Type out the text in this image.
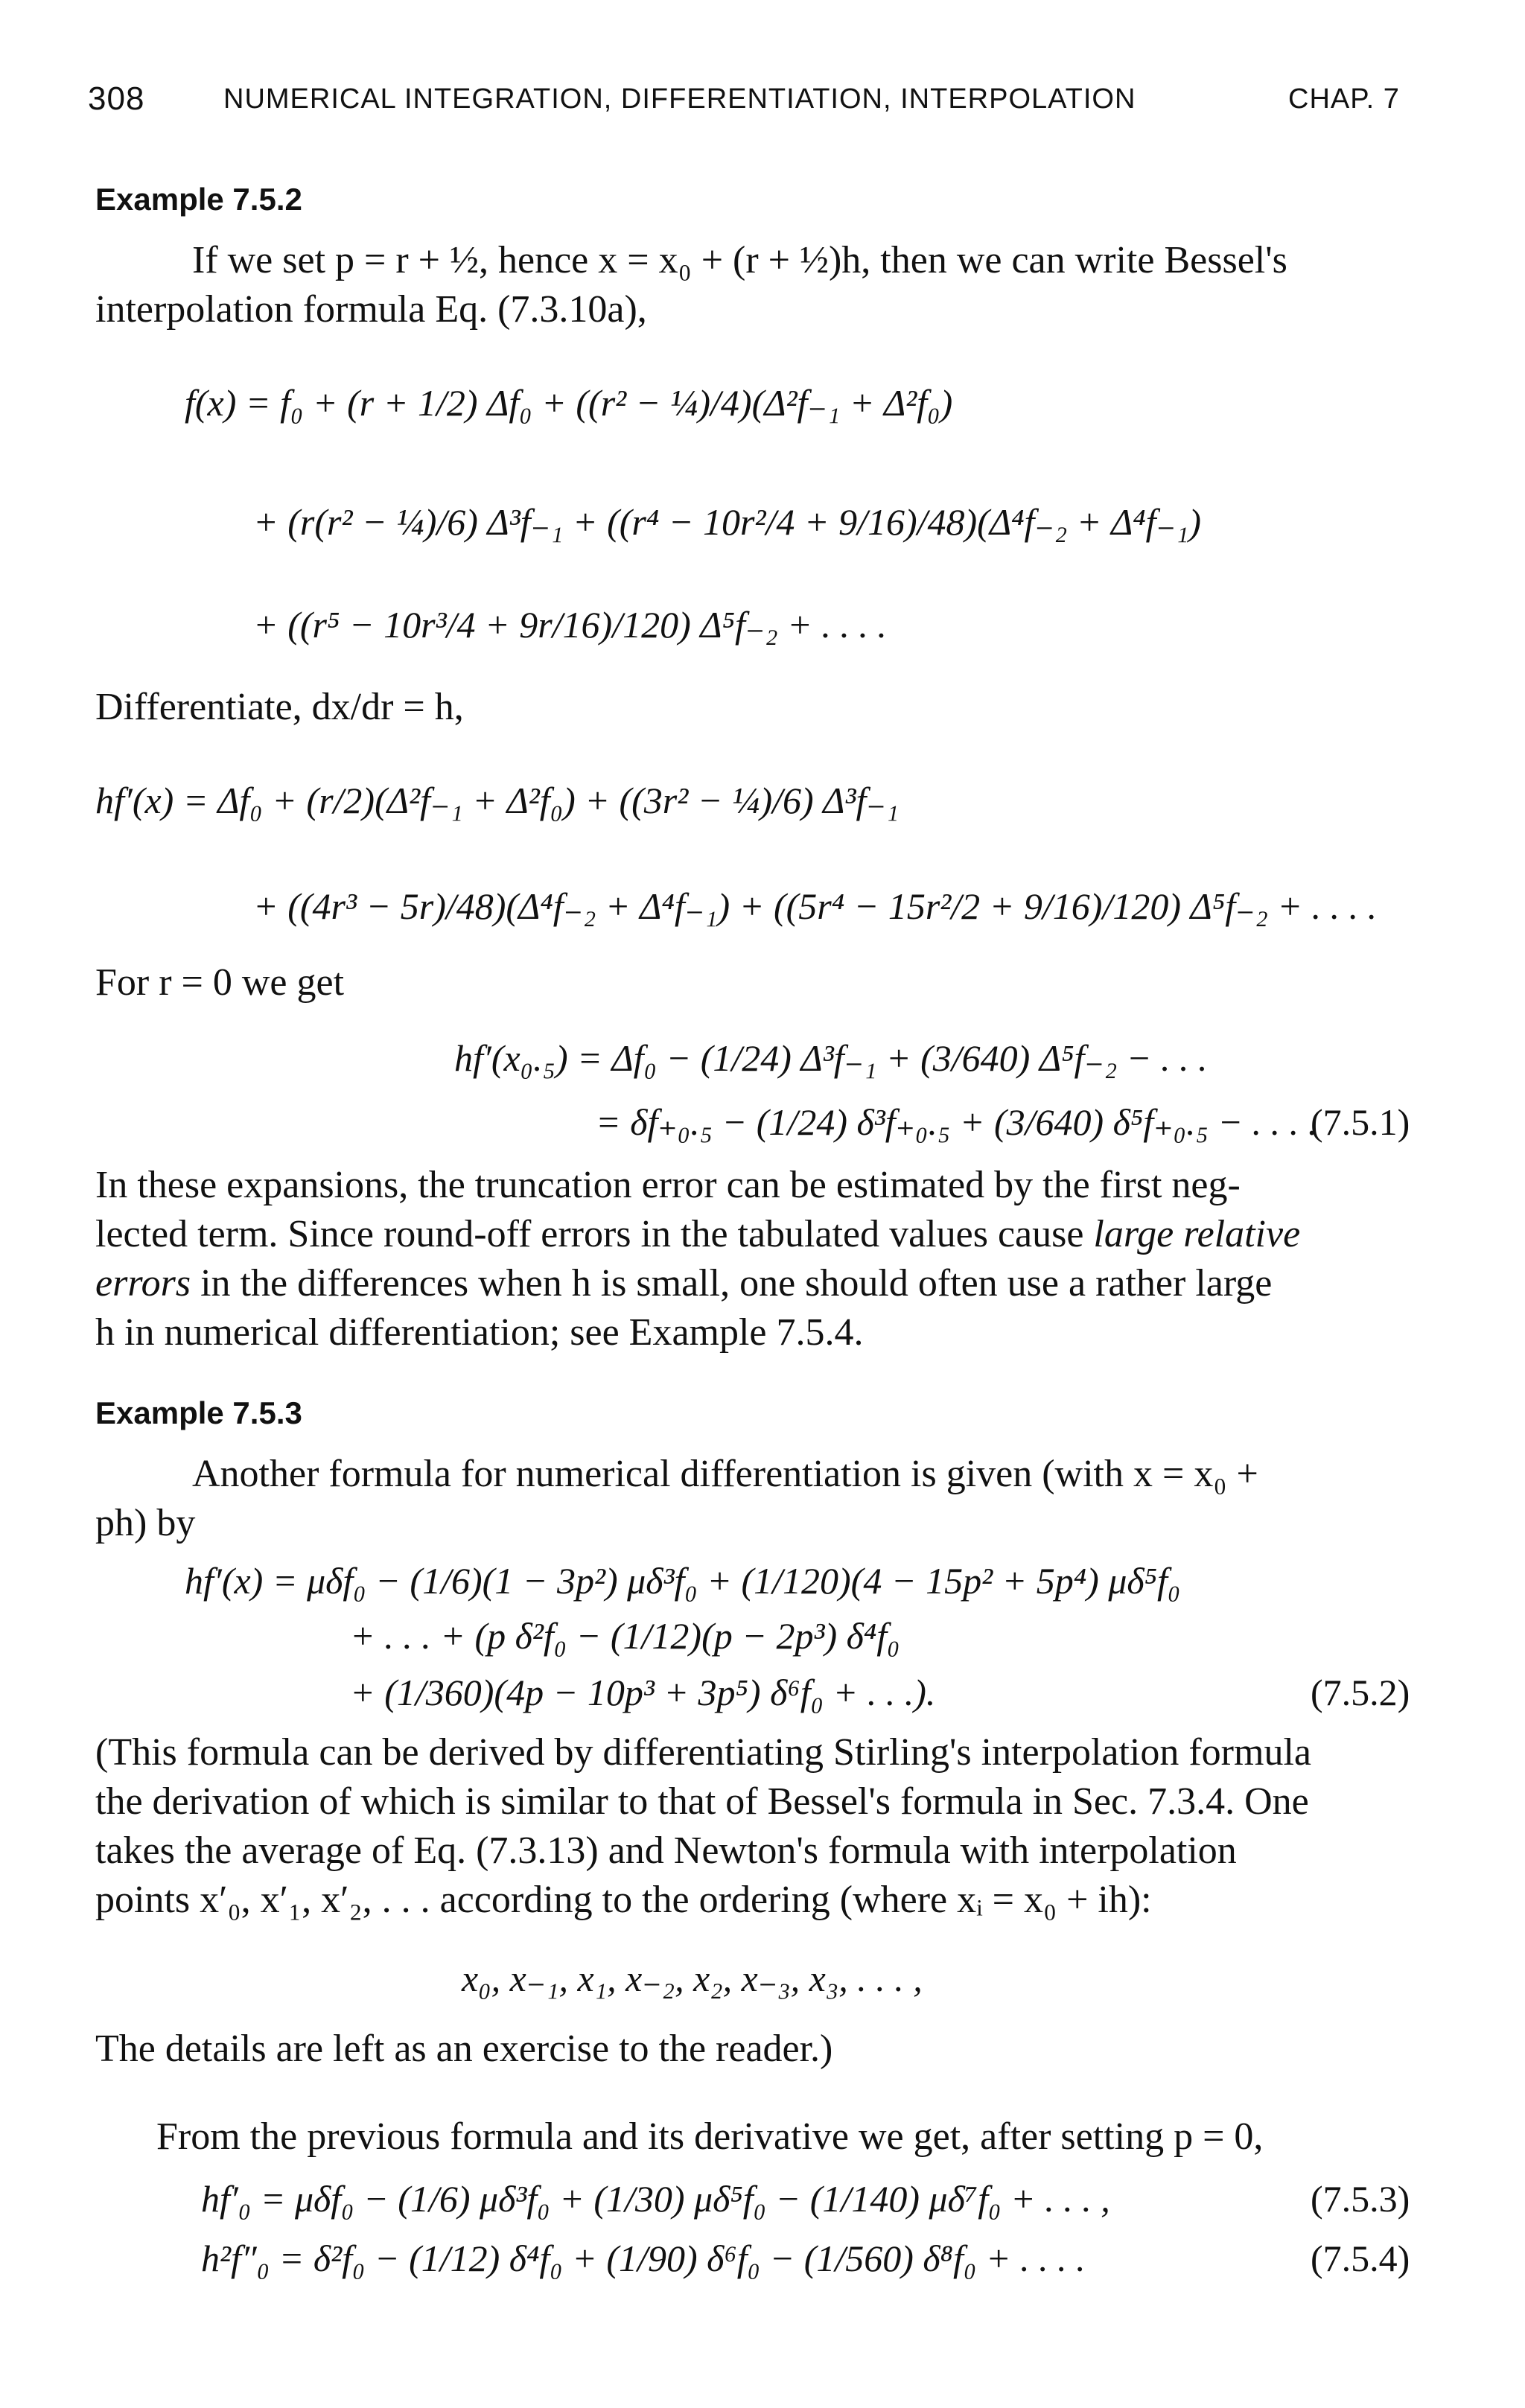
308	NUMERICAL INTEGRATION, DIFFERENTIATION, INTERPOLATION	CHAP. 7
Example 7.5.2
If we set p = r + ½, hence x = x₀ + (r + ½)h, then we can write Bessel's
interpolation formula Eq. (7.3.10a),
f(x) = f₀ + (r + 1/2) Δf₀ + ((r² − ¼)/4)(Δ²f₋₁ + Δ²f₀)
+ (r(r² − ¼)/6) Δ³f₋₁ + ((r⁴ − 10r²/4 + 9/16)/48)(Δ⁴f₋₂ + Δ⁴f₋₁)
+ ((r⁵ − 10r³/4 + 9r/16)/120) Δ⁵f₋₂ + . . . .
Differentiate, dx/dr = h,
hf′(x) = Δf₀ + (r/2)(Δ²f₋₁ + Δ²f₀) + ((3r² − ¼)/6) Δ³f₋₁
+ ((4r³ − 5r)/48)(Δ⁴f₋₂ + Δ⁴f₋₁) + ((5r⁴ − 15r²/2 + 9/16)/120) Δ⁵f₋₂ + . . . .
For r = 0 we get
hf′(x₀.₅) = Δf₀ − (1/24) Δ³f₋₁ + (3/640) Δ⁵f₋₂ − . . .
= δf₊₀.₅ − (1/24) δ³f₊₀.₅ + (3/640) δ⁵f₊₀.₅ − . . . .
(7.5.1)
In these expansions, the truncation error can be estimated by the first neg-
lected term. Since round-off errors in the tabulated values cause large relative
errors in the differences when h is small, one should often use a rather large
h in numerical differentiation; see Example 7.5.4.
Example 7.5.3
Another formula for numerical differentiation is given (with x = x₀ +
ph) by
hf′(x) = μδf₀ − (1/6)(1 − 3p²) μδ³f₀ + (1/120)(4 − 15p² + 5p⁴) μδ⁵f₀
+ . . . + (p δ²f₀ − (1/12)(p − 2p³) δ⁴f₀
+ (1/360)(4p − 10p³ + 3p⁵) δ⁶f₀ + . . .).	(7.5.2)
(This formula can be derived by differentiating Stirling's interpolation formula
the derivation of which is similar to that of Bessel's formula in Sec. 7.3.4. One
takes the average of Eq. (7.3.13) and Newton's formula with interpolation
points x′₀, x′₁, x′₂, . . . according to the ordering (where xᵢ = x₀ + ih):
x₀, x₋₁, x₁, x₋₂, x₂, x₋₃, x₃, . . . ,
The details are left as an exercise to the reader.)
From the previous formula and its derivative we get, after setting p = 0,
hf′₀ = μδf₀ − (1/6) μδ³f₀ + (1/30) μδ⁵f₀ − (1/140) μδ⁷f₀ + . . . ,	(7.5.3)
h²f″₀ = δ²f₀ − (1/12) δ⁴f₀ + (1/90) δ⁶f₀ − (1/560) δ⁸f₀ + . . . .	(7.5.4)
